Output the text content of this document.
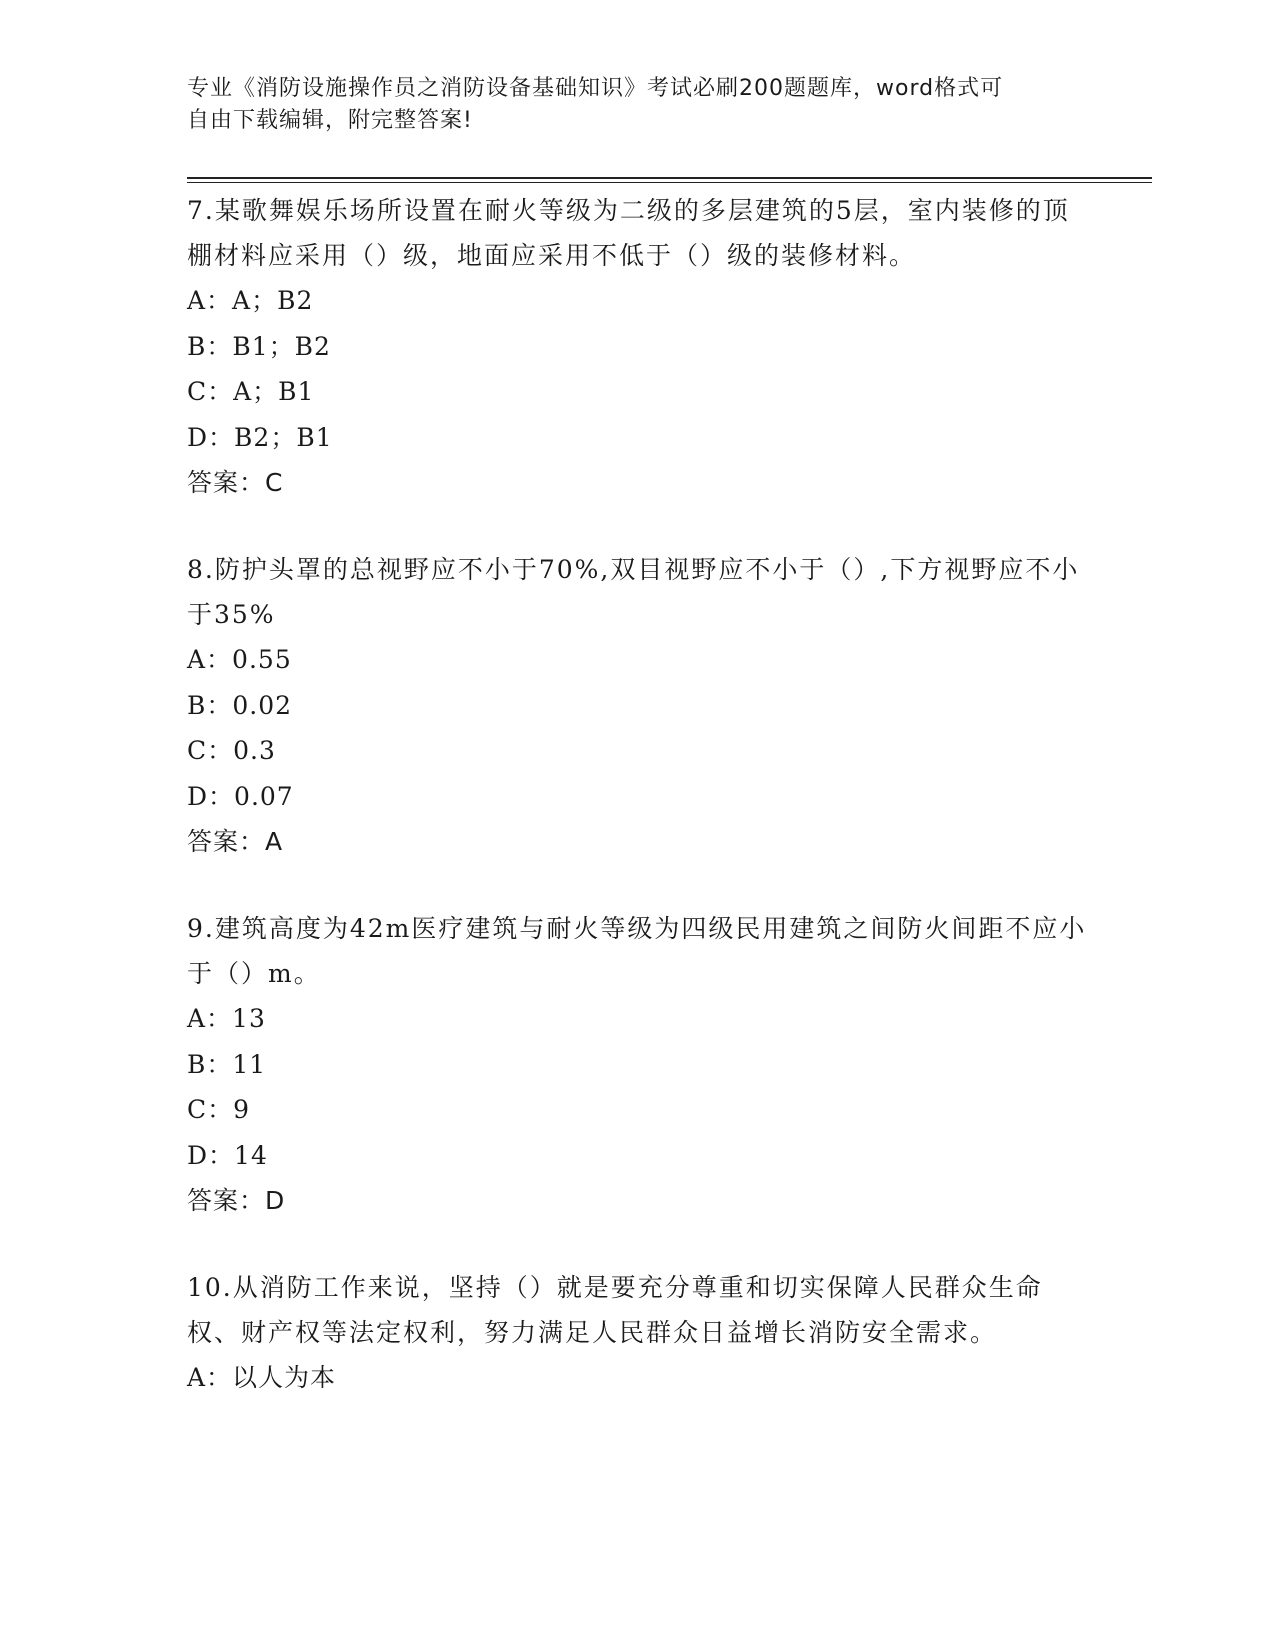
专业《消防设施操作员之消防设备基础知识》考试必刷200题题库，word格式可
自由下载编辑，附完整答案!

7.某歌舞娱乐场所设置在耐火等级为二级的多层建筑的5层，室内装修的顶棚材料应采用（）级，地面应采用不低于（）级的装修材料。

A：A；B2

B：B1；B2

C：A；B1

D：B2；B1

答案：C

8.防护头罩的总视野应不小于70%,双目视野应不小于（）,下方视野应不小于35%

A：0.55

B：0.02

C：0.3

D：0.07

答案：A

9.建筑高度为42m医疗建筑与耐火等级为四级民用建筑之间防火间距不应小于（）m。

A：13

B：11

C：9

D：14

答案：D

10.从消防工作来说，坚持（）就是要充分尊重和切实保障人民群众生命权、财产权等法定权利，努力满足人民群众日益增长消防安全需求。

A：以人为本
